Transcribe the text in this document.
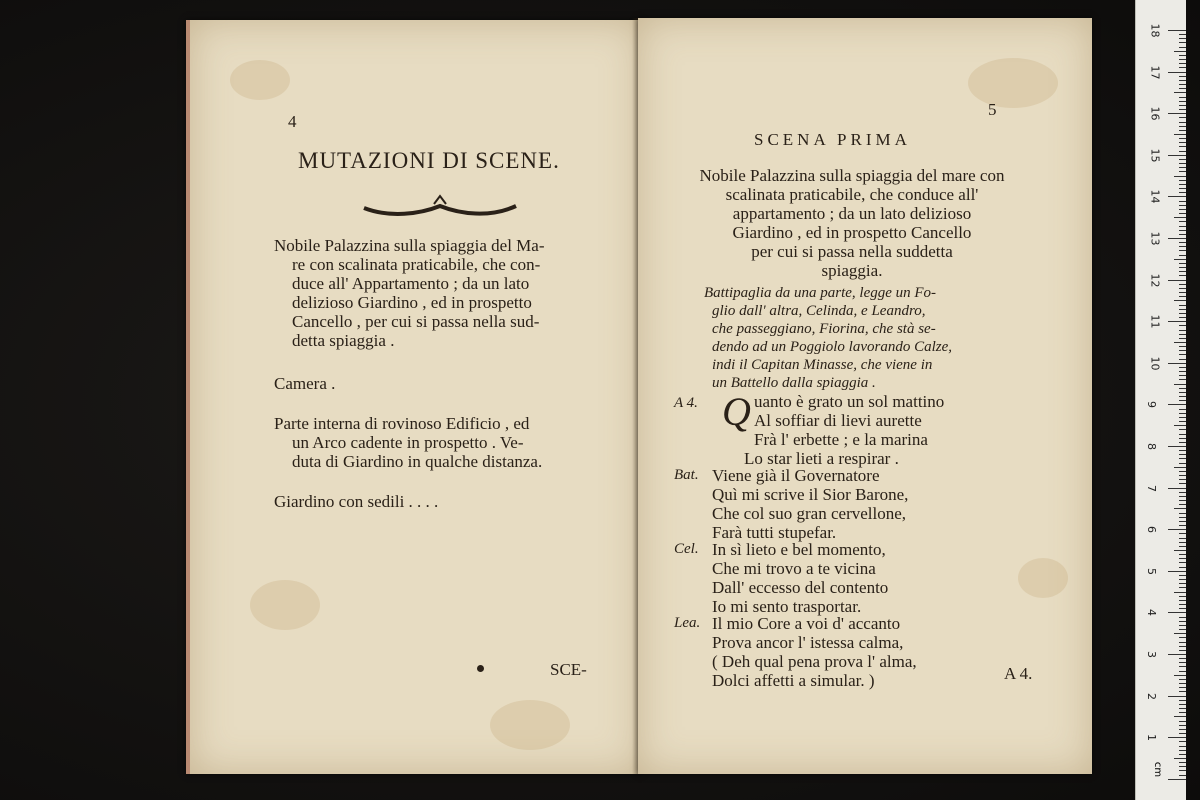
4
MUTAZIONI DI SCENE.
Nobile Palazzina sulla spiaggia del Ma-
re con scalinata praticabile, che con-
duce all' Appartamento ; da un lato
delizioso Giardino , ed in prospetto
Cancello , per cui si passa nella sud-
detta spiaggia .
Camera .
Parte interna di rovinoso Edificio , ed
un Arco cadente in prospetto . Ve-
duta di Giardino in qualche distanza.
Giardino con sedili . . . .
SCE-
5
SCENA PRIMA
Nobile Palazzina sulla spiaggia del mare con
scalinata praticabile, che conduce all'
appartamento ; da un lato delizioso
Giardino , ed in prospetto Cancello
per cui si passa nella suddetta
spiaggia.
Battipaglia da una parte, legge un Fo-
glio dall' altra, Celinda, e Leandro,
che passeggiano, Fiorina, che stà se-
dendo ad un Poggiolo lavorando Calze,
indi il Capitan Minasse, che viene in
un Battello dalla spiaggia .
A 4. Q uanto è grato un sol mattino
Al soffiar di lievi aurette
Frà l' erbette ; e la marina
Lo star lieti a respirar .
Bat. Viene già il Governatore
Quì mi scrive il Sior Barone,
Che col suo gran cervellone,
Farà tutti stupefar.
Cel. In sì lieto e bel momento,
Che mi trovo a te vicina
Dall' eccesso del contento
Io mi sento trasportar.
Lea. Il mio Core a voi d' accanto
Prova ancor l' istessa calma,
( Deh qual pena prova l' alma,
Dolci affetti a simular. )	A 4.
cm
18
17
16
15
14
13
12
11
10
9
8
7
6
5
4
3
2
1
